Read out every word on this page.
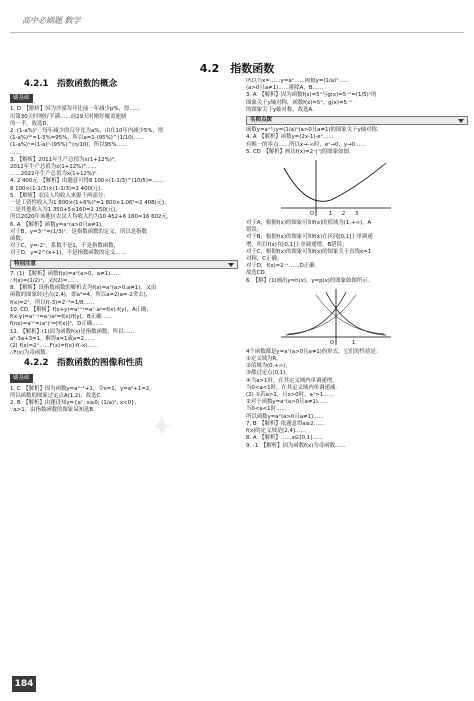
高中必刷题 数学
4.2　指数函数
4.2.1　指数函数的概念
刷基础
1. D　【解析】因为沙漠每年比前一年减少p%，得……
出第30天时刚好半满……前29天时刚好覆盖池塘
的一半，故选D.
2. (1-a%)ⁿ　每年减少的百分比为a%，由在10年内减少5%，得
(1-a%)¹⁰=1-5%=95%，所以a=1-(95%)^(1/10)……
(1-a%)ⁿ=(1-a)ⁿ·(95%)^(n/10)，所以95%……
……
3. 【解析】2011年生产总值为x(1+12%)²，
2012年生产总值为x(1+12%)³……
……2022年生产总值为x(1+12%)ⁿ.
4. 2 400元　【解析】由题意可得8 100×(1-1/3)^(10/5)=……
8 100×(1-1/3)×(1-1/3)=2 400(元).
5. 【解析】农民人均收入来源于两部分：
一是工资性收入为1 800×(1+6%)⁵=1 800×1.06⁵≈2 408(元)，
二是其他收入为1 350+5×160=2 150(元)，
所以2020年该地区农民人均收入约为10 452+6 160≈16 602元.
6. A　【解析】函数y=aˣ(a>0且a≠1)，
对于B，y=3⁻ˣ=(1/3)ˣ，是指数函数的定义，所以是指数
函数；
对于C，y=-2ˣ，系数不是1，不是指数函数，
对于D，y=2^(x+1)，不是指数函数的定义……
特别注意
7. (1) 【解析】函数f(x)=aˣ(a>0，a≠1)……
∴f(x)=(1/2)ˣ，又f(2)=……
8. 【解析】设指数函数的解析式为f(x)=aˣ(a>0,a≠1)，又由
函数的图象经过点(2,4)，即a²=4，所以a=2(a=-2舍去)，
f(x)=2ˣ，所以f(-3)=2⁻³=1/8……
10. CD　【解析】f(x+y)=aˣ⁺ʸ=aˣ·aʸ=f(x)·f(y)，A正确；
f(x-y)=aˣ⁻ʸ=aˣ/aʸ=f(x)/f(y)，B正确……
f(nx)=aⁿˣ=(aˣ)ⁿ=[f(x)]ⁿ，D正确……
11. 【解析】(1)因为函数f(x)是指数函数，所以……
a²-3a+3=1，解得a=1或a=2……
(2) f(x)=2ˣ……F(x)=f(x)-f(-x)……
∴F(x)为奇函数.
4.2.2　指数函数的图像和性质
刷基础
1. C　【解析】因为函数y=aˣ⁻¹+1，令x=1，y=a⁰+1=2，
所以函数的图象过定点A(1,2)，故选C.
2. B　【解析】由题设知y={aˣ, x≥0; (1/a)ˣ, x<0}，
∵a>1，由指数函数的图象易知选B.
所以当x=……y=aˣ……函数y=(1/a)ˣ……
(a>0且a≠1)……排除A，B……
3. A　【解析】因为函数f(x)=5ˣ与g(x)=5⁻ˣ=(1/5)ˣ的
图象关于y轴对称，函数f(x)=5ˣ，g(x)=5⁻ˣ
的图象关于y轴对称，故选A.
名师点拨
函数y=aˣ与y=(1/a)ˣ(a>0且a≠1)的图象关于y轴对称.
4. A　【解析】函数y=(2x-1)·eˣ……
有唯一的零点……所以x→-∞时，eˣ→0，y→0……
5. CD　【解析】画出f(x)=2⁻|ˣ|的图象如图.
O	1 2 3
对于A，根据f(x)的图象可知f(x)的值域为(1,+∞)，A
错误；
对于B，根据f(x)的图象可知f(x)在区间[0,1]上单调递
增，所以f(x)在[0,1]上单调递增，B错误；
对于C，根据f(x)的图象可知f(x)的图象关于直线x=1
对称，C正确；
对于D，f(x)=2⁻ˣ……D正确.
故选CD.
6. 【解】(1)画出y=h(x)，y=p(x)的图象如图所示.
O	1
4个函数都是y=aˣ(a>0且a≠1)的形式，它们的性质是：
①定义域为R，
②值域为(0,+∞)；
③都过定点(0,1)，
④当a>1时，在其定义域内单调递增，
当0<a<1时，在其定义域内单调递减.
(2) ①若a>1，且x>0时，aˣ>1……
②对于函数y=aˣ(a>0且a≠1)……
当0<a<1时……
所以函数y=aˣ(a>0且a≠1)……
7. B　【解析】依题意得a≥2……
f(x)的定义域是[2,4]……
8. A　【解析】……x∈[0,1]……
9. -1　【解析】因为函数f(x)为奇函数……
✦
184
